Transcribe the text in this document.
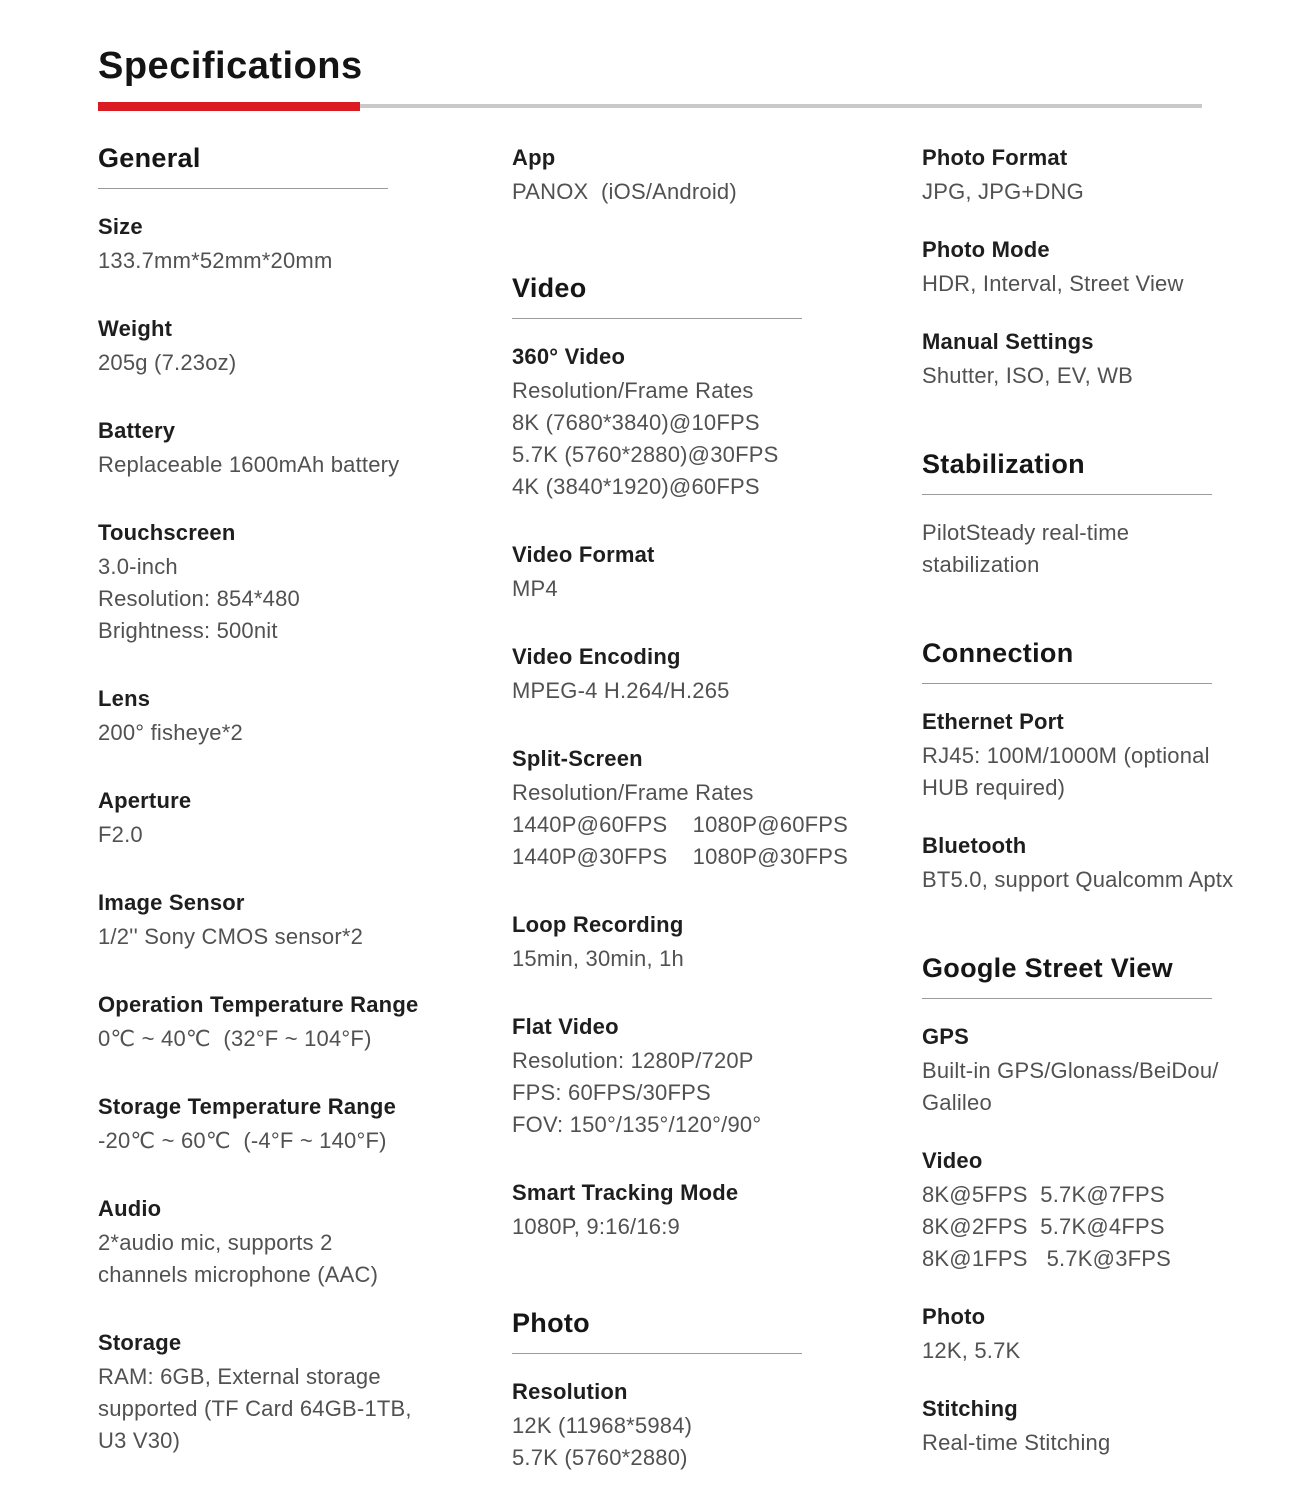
Specifications
General
Size
133.7mm*52mm*20mm
Weight
205g (7.23oz)
Battery
Replaceable 1600mAh battery
Touchscreen
3.0-inch
Resolution: 854*480
Brightness: 500nit
Lens
200° fisheye*2
Aperture
F2.0
Image Sensor
1/2'' Sony CMOS sensor*2
Operation Temperature Range
0℃ ~ 40℃  (32°F ~ 104°F)
Storage Temperature Range
-20℃ ~ 60℃  (-4°F ~ 140°F)
Audio
2*audio mic, supports 2
channels microphone (AAC)
Storage
RAM: 6GB, External storage
supported (TF Card 64GB-1TB,
U3 V30)
App
PANOX  (iOS/Android)
Video
360° Video
Resolution/Frame Rates
8K (7680*3840)@10FPS
5.7K (5760*2880)@30FPS
4K (3840*1920)@60FPS
Video Format
MP4
Video Encoding
MPEG-4 H.264/H.265
Split-Screen
Resolution/Frame Rates
1440P@60FPS    1080P@60FPS
1440P@30FPS    1080P@30FPS
Loop Recording
15min, 30min, 1h
Flat Video
Resolution: 1280P/720P
FPS: 60FPS/30FPS
FOV: 150°/135°/120°/90°
Smart Tracking Mode
1080P, 9:16/16:9
Photo
Resolution
12K (11968*5984)
5.7K (5760*2880)
Photo Format
JPG, JPG+DNG
Photo Mode
HDR, Interval, Street View
Manual Settings
Shutter, ISO, EV, WB
Stabilization
PilotSteady real-time
stabilization
Connection
Ethernet Port
RJ45: 100M/1000M (optional
HUB required)
Bluetooth
BT5.0, support Qualcomm Aptx
Google Street View
GPS
Built-in GPS/Glonass/BeiDou/
Galileo
Video
8K@5FPS  5.7K@7FPS
8K@2FPS  5.7K@4FPS
8K@1FPS   5.7K@3FPS
Photo
12K, 5.7K
Stitching
Real-time Stitching
